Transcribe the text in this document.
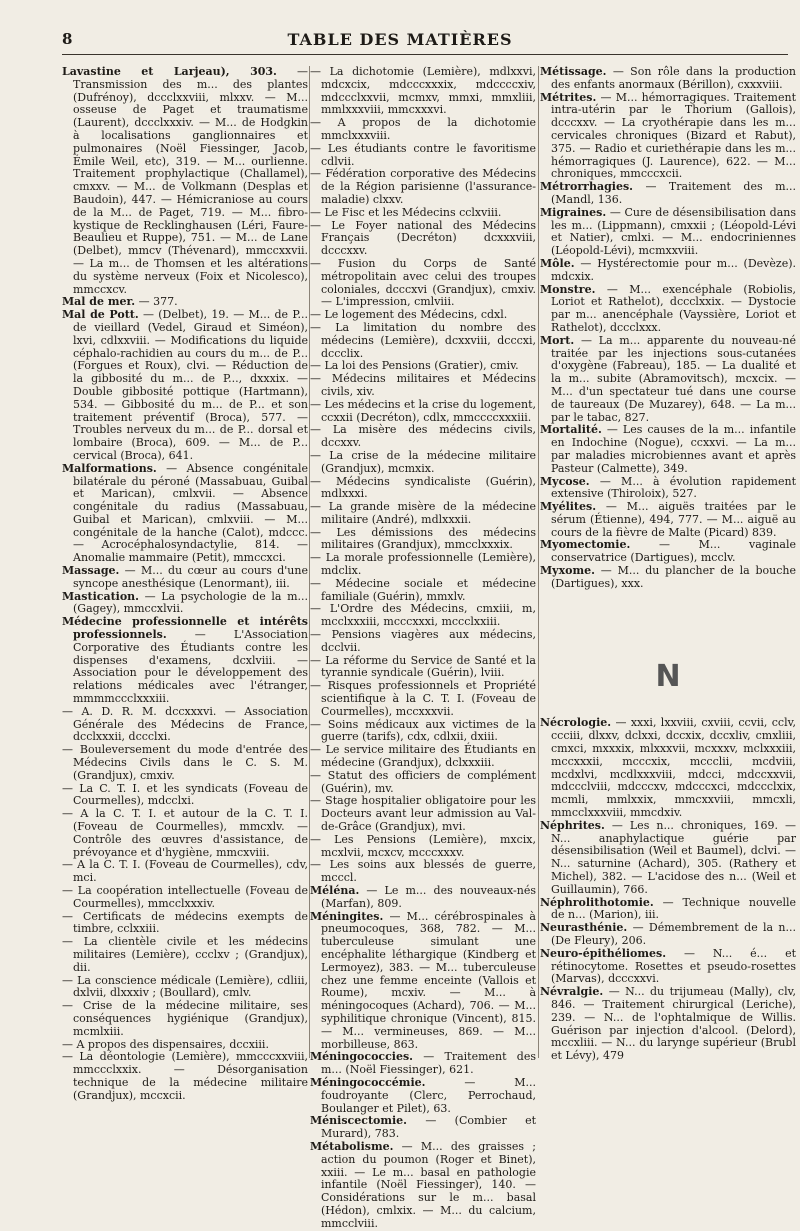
8	TABLE DES MATIÈRES

Lavastine et Larjeau), 303. — Transmission des m... des plantes (Dufrénoy), dccclxxviii, mlxxv. — M... osseuse de Paget et traumatisme (Laurent), dccclxxxiv. — M... de Hodgkin à localisations ganglionnaires et pulmonaires (Noël Fiessinger, Jacob, Émile Weil, etc), 319. — M... ourlienne. Traitement prophylactique (Challamel), cmxxv. — M... de Volkmann (Desplas et Baudoin), 447. — Hémicraniose au cours de la M... de Paget, 719. — M... fibro-kystique de Recklinghausen (Léri, Faure-Beaulieu et Ruppe), 751. — M... de Lane (Delbet), mmcv (Thévenard), mmccxxvii. — La m... de Thomsen et les altérations du système nerveux (Foix et Nicolesco), mmccxcv.

Mal de mer. — 377.

Mal de Pott. — (Delbet), 19. — M... de P... de vieillard (Vedel, Giraud et Siméon), lxvi, cdlxxviii. — Modifications du liquide céphalo-rachidien au cours du m... de P... (Forgues et Roux), clvi. — Réduction de la gibbosité du m... de P..., dxxxix. — Double gibbosité pottique (Hartmann), 534. — Gibbosité du m... de P... et son traitement préventif (Broca), 577. — Troubles nerveux du m... de P... dorsal et lombaire (Broca), 609. — M... de P... cervical (Broca), 641.

Malformations. — Absence congénitale bilatérale du péroné (Massabuau, Guibal et Marican), cmlxvii. — Absence congénitale du radius (Massabuau, Guibal et Marican), cmlxviii. — M... congénitale de la hanche (Calot), mdccc. — Acrocéphalosyndactylie, 814. — Anomalie mammaire (Petit), mmccxci.

Massage. — M... du cœur au cours d'une syncope anesthésique (Lenormant), iii.

Mastication. — La psychologie de la m... (Gagey), mmccxlvii.

Médecine professionnelle et intérêts professionnels. — L'Association Corporative des Étudiants contre les dispenses d'examens, dcxlviii. — Association pour le développement des relations médicales avec l'étranger, mmmmccclxxxiii.

— A. D. R. M. dccxxxvi. — Association Générale des Médecins de France, dcclxxxii, dccclxi.

— Bouleversement du mode d'entrée des Médecins Civils dans le C. S. M. (Grandjux), cmxiv.

— La C. T. I. et les syndicats (Foveau de Courmelles), mdcclxi.

— A la C. T. I. et autour de la C. T. I. (Foveau de Courmelles), mmcxlv. — Contrôle des œuvres d'assistance, de prévoyance et d'hygiène, mmcxviii.

— A la C. T. I. (Foveau de Courmelles), cdv, mci.

— La coopération intellectuelle (Foveau de Courmelles), mmcclxxxiv.

— Certificats de médecins exempts de timbre, cclxxiii.

— La clientèle civile et les médecins militaires (Lemière), ccclxv ; (Grandjux), dii.

— La conscience médicale (Lemière), cdliii, dxlvii, dlxxxiv ; (Boullard), cmlv.

— Crise de la médecine militaire, ses conséquences hygiénique (Grandjux), mcmlxiii.

— A propos des dispensaires, dccxiii.

— La déontologie (Lemière), mmcccxxviii, mmccclxxix. — Désorganisation technique de la médecine militaire (Grandjux), mccxcii.

— La dichotomie (Lemière), mdlxxvi, mdcxcix, mdcccxxxix, mdccccxiv, mdccclxxvii, mcmxv, mmxi, mmxliii, mmlxxxviii, mmcxxxvi.

— A propos de la dichotomie mmclxxxviii.

— Les étudiants contre le favoritisme cdlvii.

— Fédération corporative des Médecins de la Région parisienne (l'assurance-maladie) clxxv.

— Le Fisc et les Médecins cclxviii.

— Le Foyer national des Médecins Français (Decréton) dcxxxviii, dcccxxv.

— Fusion du Corps de Santé métropolitain avec celui des troupes coloniales, dcccxvi (Grandjux), cmxiv. — L'impression, cmlviii.

— Le logement des Médecins, cdxl.

— La limitation du nombre des médecins (Lemière), dcxxviii, dcccxi, dccclix.

— La loi des Pensions (Gratier), cmiv.

— Médecins militaires et Médecins civils, xiv.

— Les médecins et la crise du logement, ccxxii (Decréton), cdlx, mmccccxxxiii.

— La misère des médecins civils, dccxxv.

— La crise de la médecine militaire (Grandjux), mcmxix.

— Médecins syndicaliste (Guérin), mdlxxxi.

— La grande misère de la médecine militaire (André), mdlxxxii.

— Les démissions des médecins militaires (Grandjux), mmcclxxxix.

— La morale professionnelle (Lemière), mdclix.

— Médecine sociale et médecine familiale (Guérin), mmxlv.

— L'Ordre des Médecins, cmxiii, m, mcclxxxiii, mcccxxxi, mccclxxiii.

— Pensions viagères aux médecins, dcclvii.

— La réforme du Service de Santé et la tyrannie syndicale (Guérin), lviii.

— Risques professionnels et Propriété scientifique à la C. T. I. (Foveau de Courmelles), mccxxxvii.

— Soins médicaux aux victimes de la guerre (tarifs), cdx, cdlxii, dxiii.

— Le service militaire des Étudiants en médecine (Grandjux), dclxxxiii.

— Statut des officiers de complément (Guérin), mv.

— Stage hospitalier obligatoire pour les Docteurs avant leur admission au Val-de-Grâce (Grandjux), mvi.

— Les Pensions (Lemière), mxcix, mcxlvii, mcxcv, mcccxxxv.

— Les soins aux blessés de guerre, mcccl.

Méléna. — Le m... des nouveaux-nés (Marfan), 809.

Méningites. — M... cérébrospinales à pneumocoques, 368, 782. — M... tuberculeuse simulant une encéphalite léthargique (Kindberg et Lermoyez), 383. — M... tuberculeuse chez une femme enceinte (Vallois et Roume), mcxiv. — M... à méningocoques (Achard), 706. — M... syphilitique chronique (Vincent), 815. — M... vermineuses, 869. — M... morbilleuse, 863.

Méningococcies. — Traitement des m... (Noël Fiessinger), 621.

Méningococcémie. — M... foudroyante (Clerc, Perrochaud, Boulanger et Pilet), 63.

Méniscectomie. — (Combier et Murard), 783.

Métabolisme. — M... des graisses ; action du poumon (Roger et Binet), xxiii. — Le m... basal en pathologie infantile (Noël Fiessinger), 140. — Considérations sur le m... basal (Hédon), cmlxix. — M... du calcium, mmcclviii.

Métissage. — Son rôle dans la production des enfants anormaux (Bérillon), cxxxviii.

Métrites. — M... hémorragiques. Traitement intra-utérin par le Thorium (Gallois), dcccxxv. — La cryothérapie dans les m... cervicales chroniques (Bizard et Rabut), 375. — Radio et curiethérapie dans les m... hémorragiques (J. Laurence), 622. — M... chroniques, mmcccxcii.

Métrorrhagies. — Traitement des m... (Mandl, 136.

Migraines. — Cure de désensibilisation dans les m... (Lippmann), cmxxii ; (Léopold-Lévi et Natier), cmlxi. — M... endocriniennes (Léopold-Lévi), mcmxxviii.

Môle. — Hystérectomie pour m... (Devèze). mdcxix.

Monstre. — M... exencéphale (Robiolis, Loriot et Rathelot), dccclxxix. — Dystocie par m... anencéphale (Vayssière, Loriot et Rathelot), dccclxxx.

Mort. — La m... apparente du nouveau-né traitée par les injections sous-cutanées d'oxygène (Fabreau), 185. — La dualité et la m... subite (Abramovitsch), mcxcix. — M... d'un spectateur tué dans une course de taureaux (De Muzarey), 648. — La m... par le tabac, 827.

Mortalité. — Les causes de la m... infantile en Indochine (Nogue), ccxxvi. — La m... par maladies microbiennes avant et après Pasteur (Calmette), 349.

Mycose. — M... à évolution rapidement extensive (Thiroloix), 527.

Myélites. — M... aiguës traitées par le sérum (Étienne), 494, 777. — M... aiguë au cours de la fièvre de Malte (Picard) 839.

Myomectomie. — M... vaginale conservatrice (Dartigues), mcclv.

Myxome. — M... du plancher de la bouche (Dartigues), xxx.

N

Nécrologie. — xxxi, lxxviii, cxviii, ccvii, cclv, ccciii, dlxxv, dclxxi, dccxix, dccxliv, cmxliii, cmxci, mxxxix, mlxxxvii, mcxxxv, mclxxxiii, mccxxxii, mcccxix, mccclii, mcdviii, mcdxlvi, mcdlxxxviii, mdcci, mdccxxvii, mdccclviii, mdcccxv, mdcccxci, mdccclxix, mcmli, mmlxxix, mmcxxviii, mmcxli, mmcclxxxviii, mmcdxiv.

Néphrites. — Les n... chroniques, 169. — N... anaphylactique guérie par désensibilisation (Weil et Baumel), dclvi. — N... saturnine (Achard), 305. (Rathery et Michel), 382. — L'acidose des n... (Weil et Guillaumin), 766.

Néphrolithotomie. — Technique nouvelle de n... (Marion), iii.

Neurasthénie. — Démembrement de la n... (De Fleury), 206.

Neuro-épithéliomes. — N... é... et rétinocytome. Rosettes et pseudo-rosettes (Marvas), dcccxxvi.

Névralgie. — N... du trijumeau (Mally), clv, 846. — Traitement chirurgical (Leriche), 239. — N... de l'ophtalmique de Willis. Guérison par injection d'alcool. (Delord), mccxliii. — N... du larynge supérieur (Brubl et Lévy), 479
